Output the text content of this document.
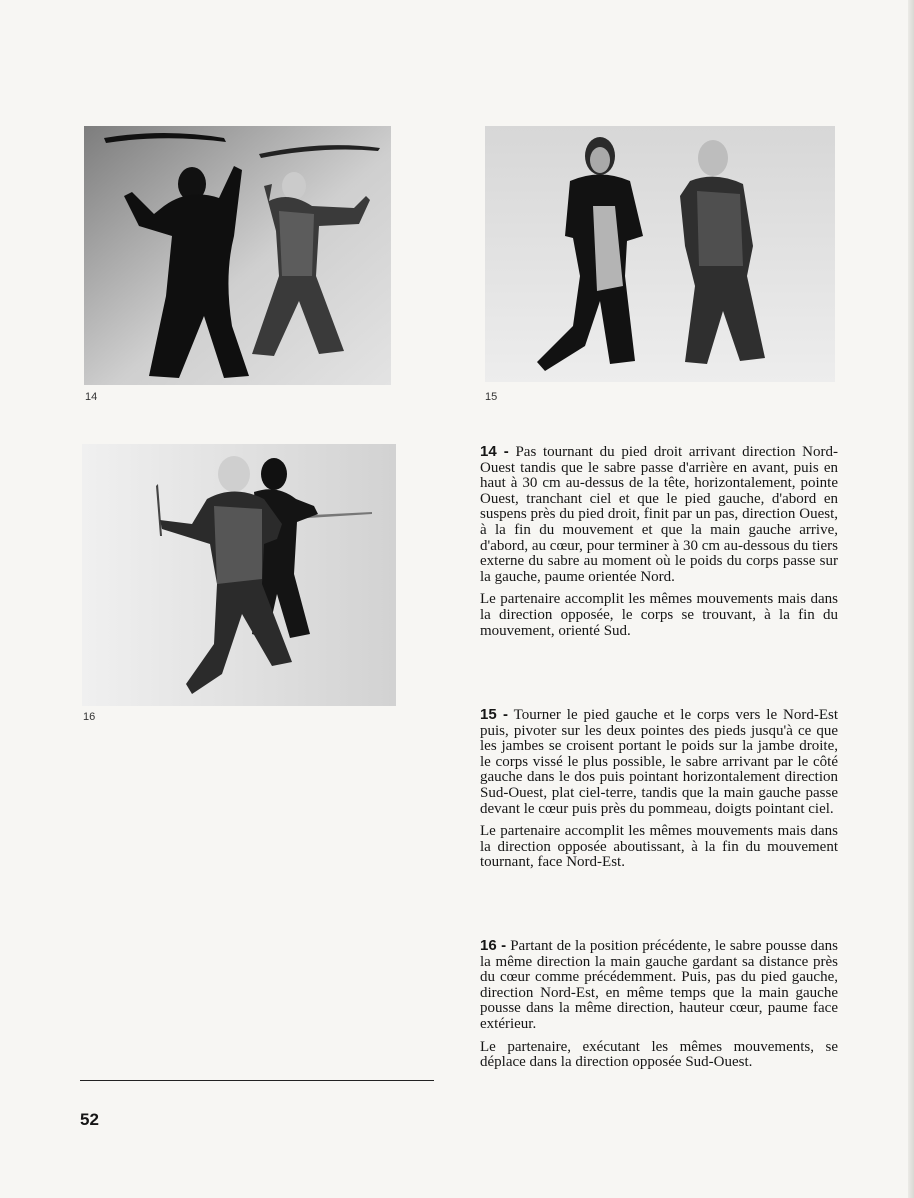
14	15
16

14 - Pas tournant du pied droit arrivant direction Nord-Ouest tandis que le sabre passe d'arrière en avant, puis en haut à 30 cm au-dessus de la tête, horizontalement, pointe Ouest, tranchant ciel et que le pied gauche, d'abord en suspens près du pied droit, finit par un pas, direction Ouest, à la fin du mouvement et que la main gauche arrive, d'abord, au cœur, pour terminer à 30 cm au-dessous du tiers externe du sabre au moment où le poids du corps passe sur la gauche, paume orientée Nord.

Le partenaire accomplit les mêmes mouvements mais dans la direction opposée, le corps se trouvant, à la fin du mouvement, orienté Sud.

15 - Tourner le pied gauche et le corps vers le Nord-Est puis, pivoter sur les deux pointes des pieds jusqu'à ce que les jambes se croisent portant le poids sur la jambe droite, le corps vissé le plus possible, le sabre arrivant par le côté gauche dans le dos puis pointant horizontalement direction Sud-Ouest, plat ciel-terre, tandis que la main gauche passe devant le cœur puis près du pommeau, doigts pointant ciel.

Le partenaire accomplit les mêmes mouvements mais dans la direction opposée aboutissant, à la fin du mouvement tournant, face Nord-Est.

16 - Partant de la position précédente, le sabre pousse dans la même direction la main gauche gardant sa distance près du cœur comme précédemment. Puis, pas du pied gauche, direction Nord-Est, en même temps que la main gauche pousse dans la même direction, hauteur cœur, paume face extérieur.

Le partenaire, exécutant les mêmes mouvements, se déplace dans la direction opposée Sud-Ouest.

52
